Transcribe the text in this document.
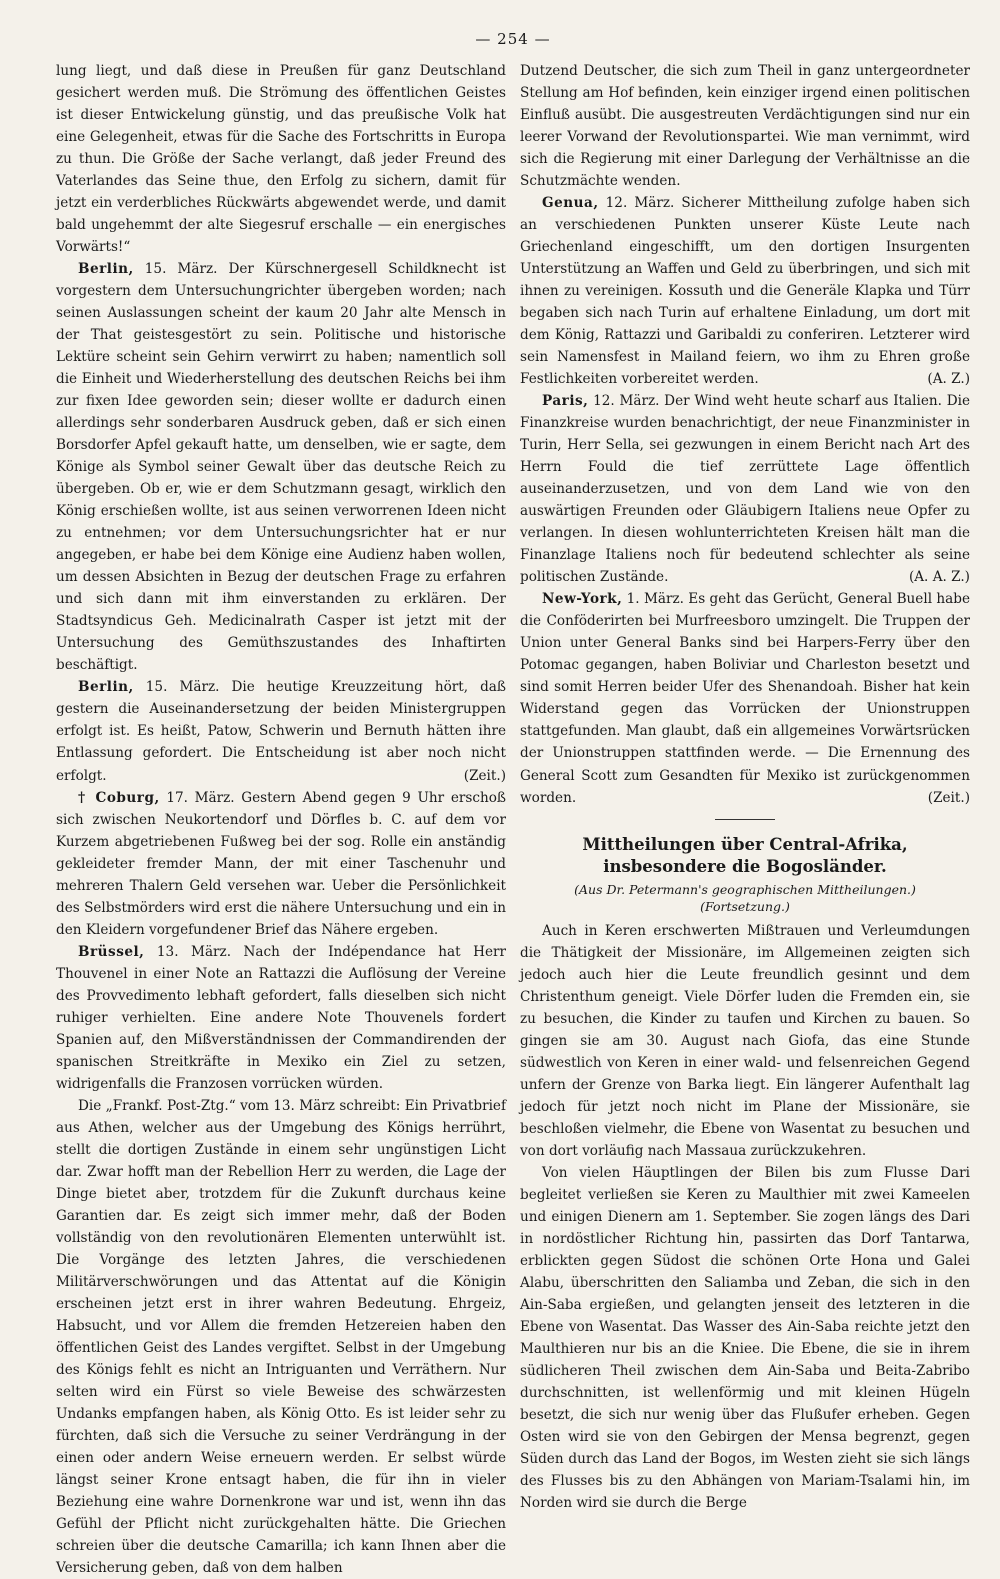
— 254 —

lung liegt, und daß diese in Preußen für ganz Deutschland gesichert werden muß. Die Strömung des öffentlichen Geistes ist dieser Entwickelung günstig, und das preußische Volk hat eine Gelegenheit, etwas für die Sache des Fortschritts in Europa zu thun. Die Größe der Sache verlangt, daß jeder Freund des Vaterlandes das Seine thue, den Erfolg zu sichern, damit für jetzt ein verderbliches Rückwärts abgewendet werde, und damit bald ungehemmt der alte Siegesruf erschalle — ein energisches Vorwärts!“

Berlin, 15. März. Der Kürschnergesell Schildknecht ist vorgestern dem Untersuchungrichter übergeben worden; nach seinen Auslassungen scheint der kaum 20 Jahr alte Mensch in der That geistesgestört zu sein. Politische und historische Lektüre scheint sein Gehirn verwirrt zu haben; namentlich soll die Einheit und Wiederherstellung des deutschen Reichs bei ihm zur fixen Idee geworden sein; dieser wollte er dadurch einen allerdings sehr sonderbaren Ausdruck geben, daß er sich einen Borsdorfer Apfel gekauft hatte, um denselben, wie er sagte, dem Könige als Symbol seiner Gewalt über das deutsche Reich zu übergeben. Ob er, wie er dem Schutzmann gesagt, wirklich den König erschießen wollte, ist aus seinen verworrenen Ideen nicht zu entnehmen; vor dem Untersuchungsrichter hat er nur angegeben, er habe bei dem Könige eine Audienz haben wollen, um dessen Absichten in Bezug der deutschen Frage zu erfahren und sich dann mit ihm einverstanden zu erklären. Der Stadtsyndicus Geh. Medicinalrath Casper ist jetzt mit der Untersuchung des Gemüthszustandes des Inhaftirten beschäftigt.

Berlin, 15. März. Die heutige Kreuzzeitung hört, daß gestern die Auseinandersetzung der beiden Ministergruppen erfolgt ist. Es heißt, Patow, Schwerin und Bernuth hätten ihre Entlassung gefordert. Die Entscheidung ist aber noch nicht erfolgt.	(Zeit.)

† Coburg, 17. März. Gestern Abend gegen 9 Uhr erschoß sich zwischen Neukortendorf und Dörfles b. C. auf dem vor Kurzem abgetriebenen Fußweg bei der sog. Rolle ein anständig gekleideter fremder Mann, der mit einer Taschenuhr und mehreren Thalern Geld versehen war. Ueber die Persönlichkeit des Selbstmörders wird erst die nähere Untersuchung und ein in den Kleidern vorgefundener Brief das Nähere ergeben.

Brüssel, 13. März. Nach der Indépendance hat Herr Thouvenel in einer Note an Rattazzi die Auflösung der Vereine des Provvedimento lebhaft gefordert, falls dieselben sich nicht ruhiger verhielten. Eine andere Note Thouvenels fordert Spanien auf, den Mißverständnissen der Commandirenden der spanischen Streitkräfte in Mexiko ein Ziel zu setzen, widrigenfalls die Franzosen vorrücken würden.

Die „Frankf. Post-Ztg.“ vom 13. März schreibt: Ein Privatbrief aus Athen, welcher aus der Umgebung des Königs herrührt, stellt die dortigen Zustände in einem sehr ungünstigen Licht dar. Zwar hofft man der Rebellion Herr zu werden, die Lage der Dinge bietet aber, trotzdem für die Zukunft durchaus keine Garantien dar. Es zeigt sich immer mehr, daß der Boden vollständig von den revolutionären Elementen unterwühlt ist. Die Vorgänge des letzten Jahres, die verschiedenen Militärverschwörungen und das Attentat auf die Königin erscheinen jetzt erst in ihrer wahren Bedeutung. Ehrgeiz, Habsucht, und vor Allem die fremden Hetzereien haben den öffentlichen Geist des Landes vergiftet. Selbst in der Umgebung des Königs fehlt es nicht an Intriguanten und Verräthern. Nur selten wird ein Fürst so viele Beweise des schwärzesten Undanks empfangen haben, als König Otto. Es ist leider sehr zu fürchten, daß sich die Versuche zu seiner Verdrängung in der einen oder andern Weise erneuern werden. Er selbst würde längst seiner Krone entsagt haben, die für ihn in vieler Beziehung eine wahre Dornenkrone war und ist, wenn ihn das Gefühl der Pflicht nicht zurückgehalten hätte. Die Griechen schreien über die deutsche Camarilla; ich kann Ihnen aber die Versicherung geben, daß von dem halben

Dutzend Deutscher, die sich zum Theil in ganz untergeordneter Stellung am Hof befinden, kein einziger irgend einen politischen Einfluß ausübt. Die ausgestreuten Verdächtigungen sind nur ein leerer Vorwand der Revolutionspartei. Wie man vernimmt, wird sich die Regierung mit einer Darlegung der Verhältnisse an die Schutzmächte wenden.

Genua, 12. März. Sicherer Mittheilung zufolge haben sich an verschiedenen Punkten unserer Küste Leute nach Griechenland eingeschifft, um den dortigen Insurgenten Unterstützung an Waffen und Geld zu überbringen, und sich mit ihnen zu vereinigen. Kossuth und die Generäle Klapka und Türr begaben sich nach Turin auf erhaltene Einladung, um dort mit dem König, Rattazzi und Garibaldi zu conferiren. Letzterer wird sein Namensfest in Mailand feiern, wo ihm zu Ehren große Festlichkeiten vorbereitet werden.	(A. Z.)

Paris, 12. März. Der Wind weht heute scharf aus Italien. Die Finanzkreise wurden benachrichtigt, der neue Finanzminister in Turin, Herr Sella, sei gezwungen in einem Bericht nach Art des Herrn Fould die tief zerrüttete Lage öffentlich auseinanderzusetzen, und von dem Land wie von den auswärtigen Freunden oder Gläubigern Italiens neue Opfer zu verlangen. In diesen wohlunterrichteten Kreisen hält man die Finanzlage Italiens noch für bedeutend schlechter als seine politischen Zustände.	(A. A. Z.)

New-York, 1. März. Es geht das Gerücht, General Buell habe die Conföderirten bei Murfreesboro umzingelt. Die Truppen der Union unter General Banks sind bei Harpers-Ferry über den Potomac gegangen, haben Boliviar und Charleston besetzt und sind somit Herren beider Ufer des Shenandoah. Bisher hat kein Widerstand gegen das Vorrücken der Unionstruppen stattgefunden. Man glaubt, daß ein allgemeines Vorwärtsrücken der Unionstruppen stattfinden werde. — Die Ernennung des General Scott zum Gesandten für Mexiko ist zurückgenommen worden.	(Zeit.)

Mittheilungen über Central-Afrika, insbesondere die Bogosländer.
(Aus Dr. Petermann's geographischen Mittheilungen.)
(Fortsetzung.)

Auch in Keren erschwerten Mißtrauen und Verleumdungen die Thätigkeit der Missionäre, im Allgemeinen zeigten sich jedoch auch hier die Leute freundlich gesinnt und dem Christenthum geneigt. Viele Dörfer luden die Fremden ein, sie zu besuchen, die Kinder zu taufen und Kirchen zu bauen. So gingen sie am 30. August nach Giofa, das eine Stunde südwestlich von Keren in einer wald- und felsenreichen Gegend unfern der Grenze von Barka liegt. Ein längerer Aufenthalt lag jedoch für jetzt noch nicht im Plane der Missionäre, sie beschloßen vielmehr, die Ebene von Wasentat zu besuchen und von dort vorläufig nach Massaua zurückzukehren.

Von vielen Häuptlingen der Bilen bis zum Flusse Dari begleitet verließen sie Keren zu Maulthier mit zwei Kameelen und einigen Dienern am 1. September. Sie zogen längs des Dari in nordöstlicher Richtung hin, passirten das Dorf Tantarwa, erblickten gegen Südost die schönen Orte Hona und Galei Alabu, überschritten den Saliamba und Zeban, die sich in den Ain-Saba ergießen, und gelangten jenseit des letzteren in die Ebene von Wasentat. Das Wasser des Ain-Saba reichte jetzt den Maulthieren nur bis an die Kniee. Die Ebene, die sie in ihrem südlicheren Theil zwischen dem Ain-Saba und Beita-Zabribo durchschnitten, ist wellenförmig und mit kleinen Hügeln besetzt, die sich nur wenig über das Flußufer erheben. Gegen Osten wird sie von den Gebirgen der Mensa begrenzt, gegen Süden durch das Land der Bogos, im Westen zieht sie sich längs des Flusses bis zu den Abhängen von Mariam-Tsalami hin, im Norden wird sie durch die Berge
